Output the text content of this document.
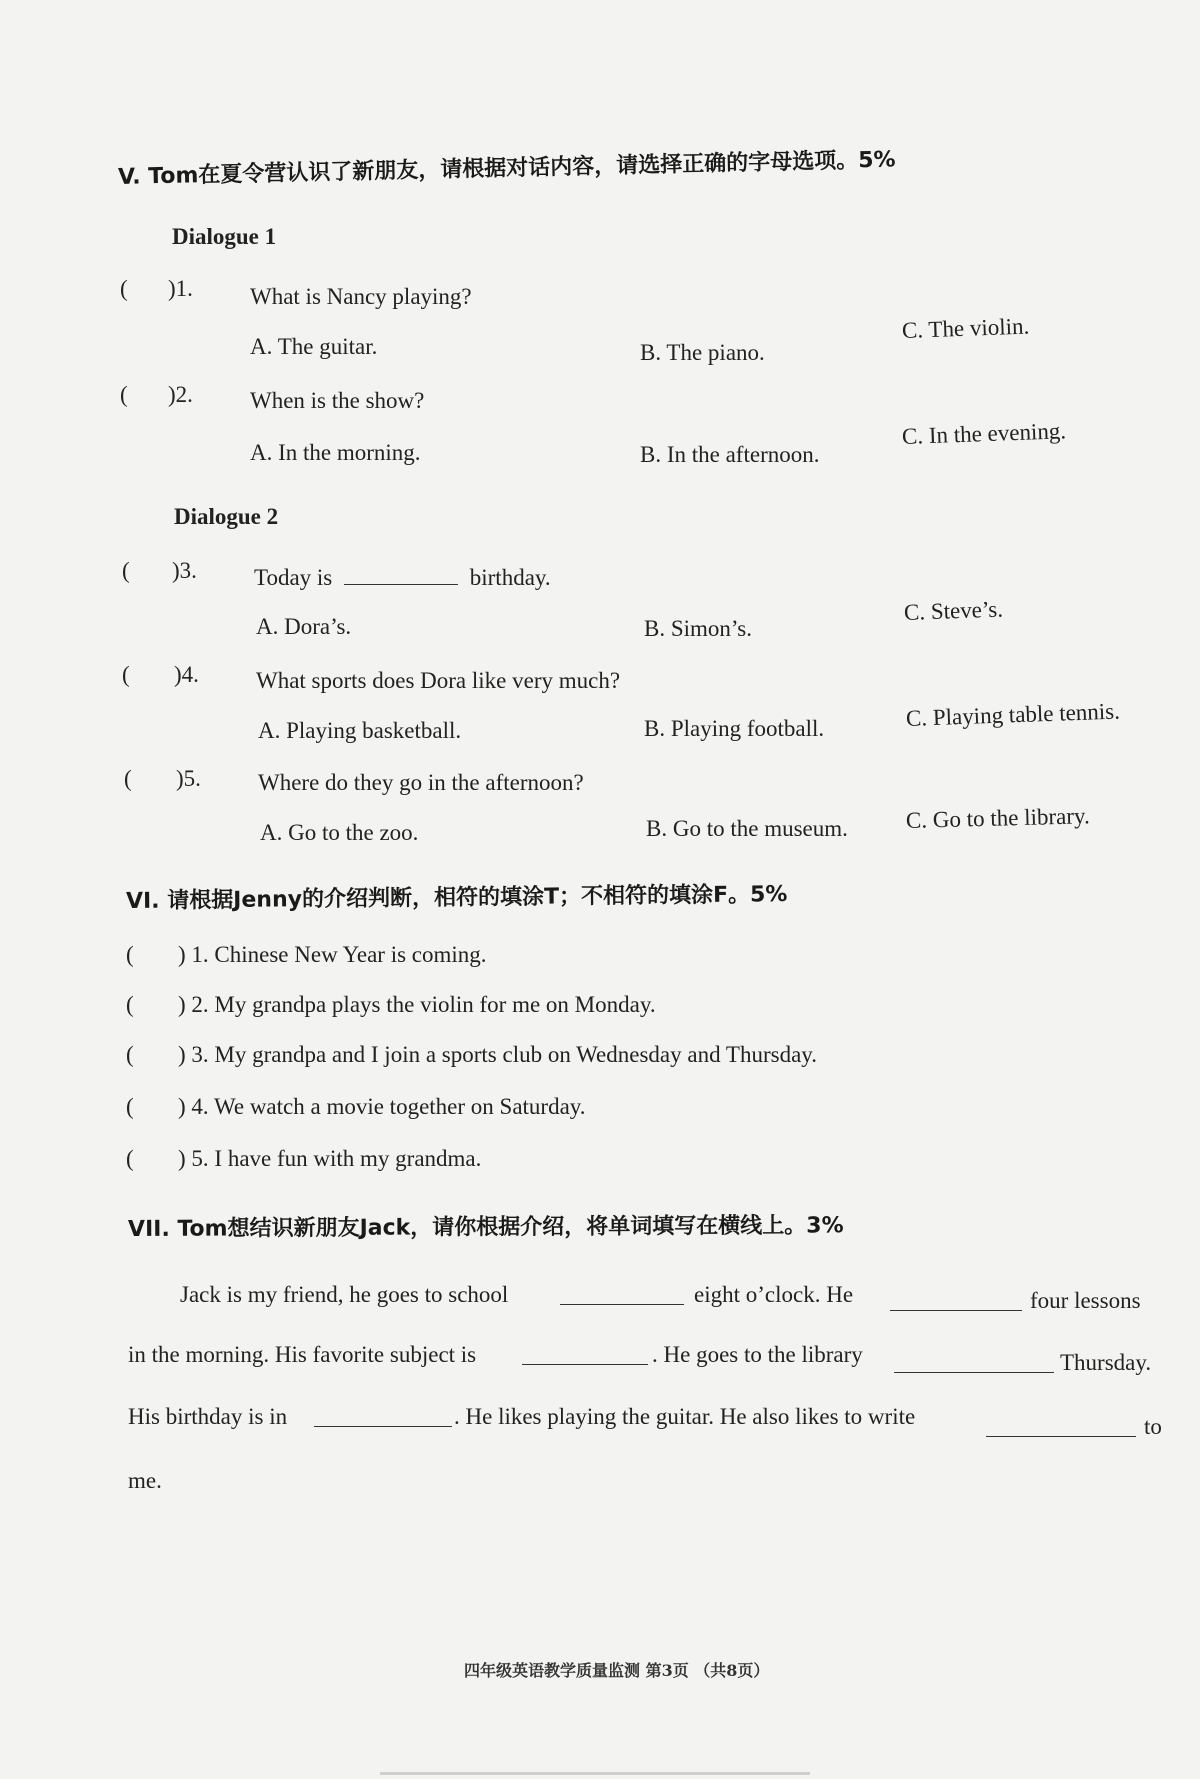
V. Tom在夏令营认识了新朋友，请根据对话内容，请选择正确的字母选项。5%
Dialogue 1
( )1. What is Nancy playing?
A. The guitar.	B. The piano.
C. The violin.
( )2. When is the show?
A. In the morning.	B. In the afternoon.
C. In the evening.
Dialogue 2
( )3. Today is	birthday.
A. Dora’s.	B. Simon’s.
C. Steve’s.
( )4. What sports does Dora like very much?
A. Playing basketball.	B. Playing football.	C. Playing table tennis.
( )5. Where do they go in the afternoon?
A. Go to the zoo.	B. Go to the museum.	C. Go to the library.
VI. 请根据Jenny的介绍判断，相符的填涂T；不相符的填涂F。5%
( ) 1. Chinese New Year is coming.
( ) 2. My grandpa plays the violin for me on Monday.
( ) 3. My grandpa and I join a sports club on Wednesday and Thursday.
( ) 4. We watch a movie together on Saturday.
( ) 5. I have fun with my grandma.
VII. Tom想结识新朋友Jack，请你根据介绍，将单词填写在横线上。3%
Jack is my friend, he goes to school	eight o’clock. He	four lessons
in the morning. His favorite subject is	. He goes to the library	Thursday.
His birthday is in	. He likes playing the guitar. He also likes to write	to
me.
四年级英语教学质量监测 第3页 （共8页）
